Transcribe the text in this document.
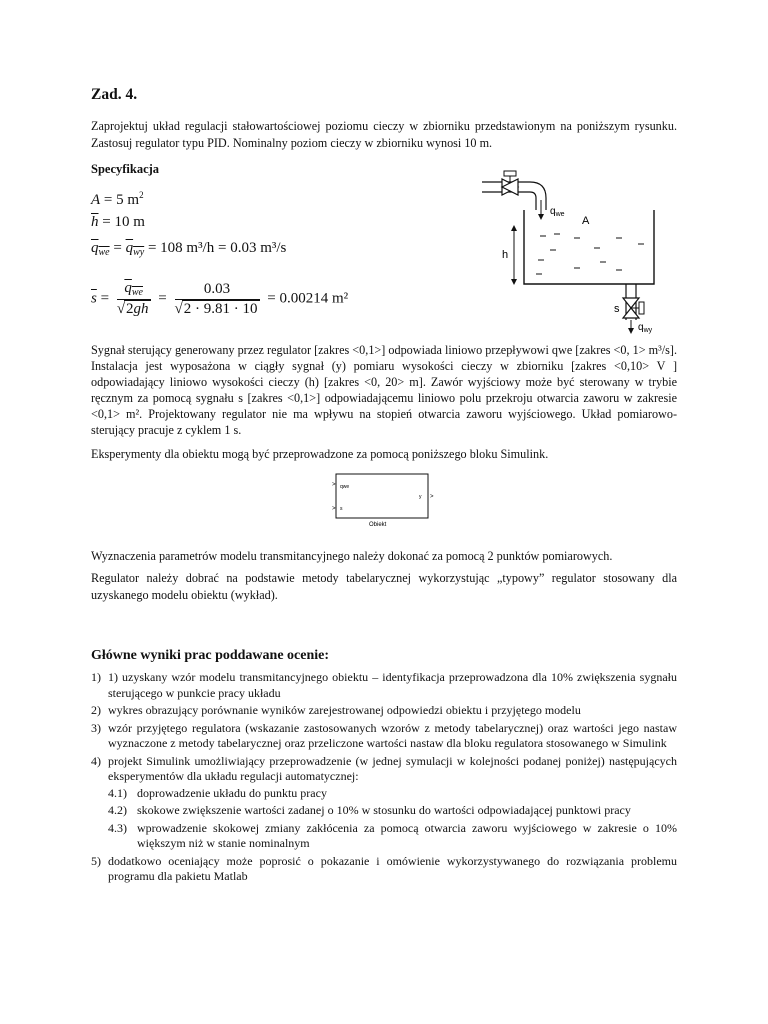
Zad. 4.
Zaprojektuj układ regulacji stałowartościowej poziomu cieczy w zbiorniku przedstawionym na poniższym rysunku. Zastosuj regulator typu PID. Nominalny poziom cieczy w zbiorniku wynosi 10 m.
Specyfikacja
A = 5 $m^2$
$\overline{h} = 10$ m
$q_{we} = q_{wy} = 108$ m³/h = 0.03 m³/s
$\overline{s} = \frac{q_{we}}{√2g\overline{h}} = \frac{0.03}{√2 \cdot 9.81 \cdot 10} = 0.00214$ m²
$q_{we}$
A
h
s
$q_{wy}$
Sygnał sterujący generowany przez regulator [zakres <0,1>] odpowiada liniowo przepływowi qwe [zakres <0, 1> m³/s]. Instalacja jest wyposażona w ciągły sygnał (y) pomiaru wysokości cieczy w zbiorniku [zakres <0,10> V ] odpowiadający liniowo wysokości cieczy (h) [zakres <0, 20> m]. Zawór wyjściowy może być sterowany w trybie ręcznym za pomocą sygnału s [zakres <0,1>] odpowiadającemu liniowo polu przekroju otwarcia zaworu w zakresie <0,1> m². Projektowany regulator nie ma wpływu na stopień otwarcia zaworu wyjściowego. Układ pomiarowo-sterujący pracuje z cyklem 1 s.
Eksperymenty dla obiektu mogą być przeprowadzone za pomocą poniższego bloku Simulink.
>
>
>
qwe
s
y
Obiekt
Wyznaczenia parametrów modelu transmitancyjnego należy dokonać za pomocą 2 punktów pomiarowych.
Regulator należy dobrać na podstawie metody tabelarycznej wykorzystując „typowy” regulator stosowany dla uzyskanego modelu obiektu (wykład).
Główne wyniki prac poddawane ocenie:
1) 1) uzyskany wzór modelu transmitancyjnego obiektu – identyfikacja przeprowadzona dla 10% zwiększenia sygnału sterującego w punkcie pracy układu
2) wykres obrazujący porównanie wyników zarejestrowanej odpowiedzi obiektu i przyjętego modelu
3) wzór przyjętego regulatora (wskazanie zastosowanych wzorów z metody tabelarycznej) oraz wartości jego nastaw wyznaczone z metody tabelarycznej oraz przeliczone wartości nastaw dla bloku regulatora stosowanego w Simulink
4) projekt Simulink umożliwiający przeprowadzenie (w jednej symulacji w kolejności podanej poniżej) następujących eksperymentów dla układu regulacji automatycznej:
4.1) doprowadzenie układu do punktu pracy
4.2) skokowe zwiększenie wartości zadanej o 10% w stosunku do wartości odpowiadającej punktowi pracy
4.3) wprowadzenie skokowej zmiany zakłócenia za pomocą otwarcia zaworu wyjściowego w zakresie o 10% większym niż w stanie nominalnym
5) dodatkowo oceniający może poprosić o pokazanie i omówienie wykorzystywanego do rozwiązania problemu programu dla pakietu Matlab
